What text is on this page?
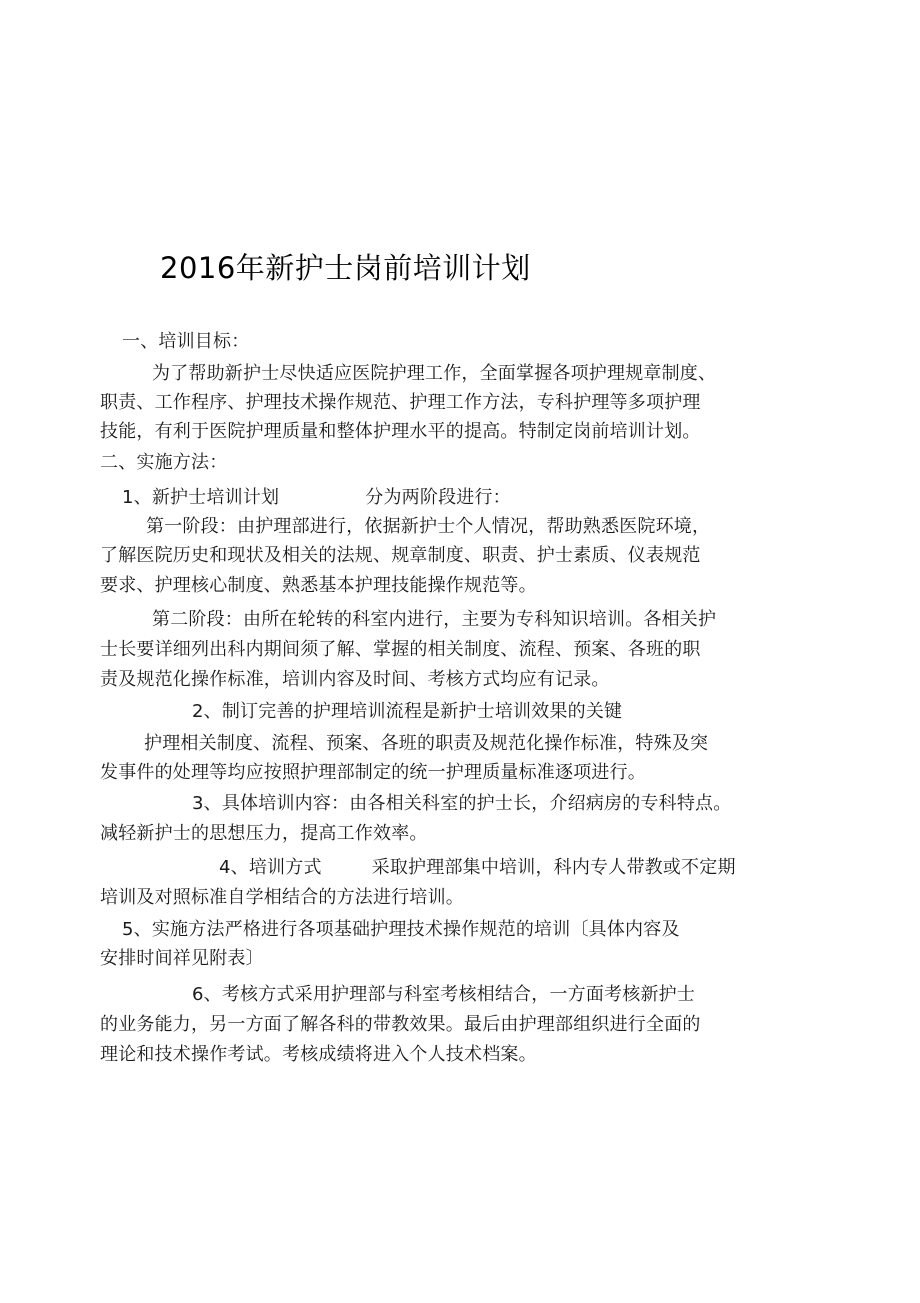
2016年新护士岗前培训计划
一、培训目标：
为了帮助新护士尽快适应医院护理工作，全面掌握各项护理规章制度、
职责、工作程序、护理技术操作规范、护理工作方法，专科护理等多项护理
技能，有利于医院护理质量和整体护理水平的提高。特制定岗前培训计划。
二、实施方法：
1、新护士培训计划	分为两阶段进行：
第一阶段：由护理部进行，依据新护士个人情况，帮助熟悉医院环境，
了解医院历史和现状及相关的法规、规章制度、职责、护士素质、仪表规范
要求、护理核心制度、熟悉基本护理技能操作规范等。
第二阶段：由所在轮转的科室内进行，主要为专科知识培训。各相关护
士长要详细列出科内期间须了解、掌握的相关制度、流程、预案、各班的职
责及规范化操作标准，培训内容及时间、考核方式均应有记录。
2、制订完善的护理培训流程是新护士培训效果的关键
护理相关制度、流程、预案、各班的职责及规范化操作标准，特殊及突
发事件的处理等均应按照护理部制定的统一护理质量标准逐项进行。
3、具体培训内容：由各相关科室的护士长，介绍病房的专科特点。
减轻新护士的思想压力，提高工作效率。
4、培训方式	采取护理部集中培训，科内专人带教或不定期
培训及对照标准自学相结合的方法进行培训。
5、实施方法严格进行各项基础护理技术操作规范的培训〔具体内容及
安排时间祥见附表〕
6、考核方式采用护理部与科室考核相结合，一方面考核新护士
的业务能力，另一方面了解各科的带教效果。最后由护理部组织进行全面的
理论和技术操作考试。考核成绩将进入个人技术档案。
